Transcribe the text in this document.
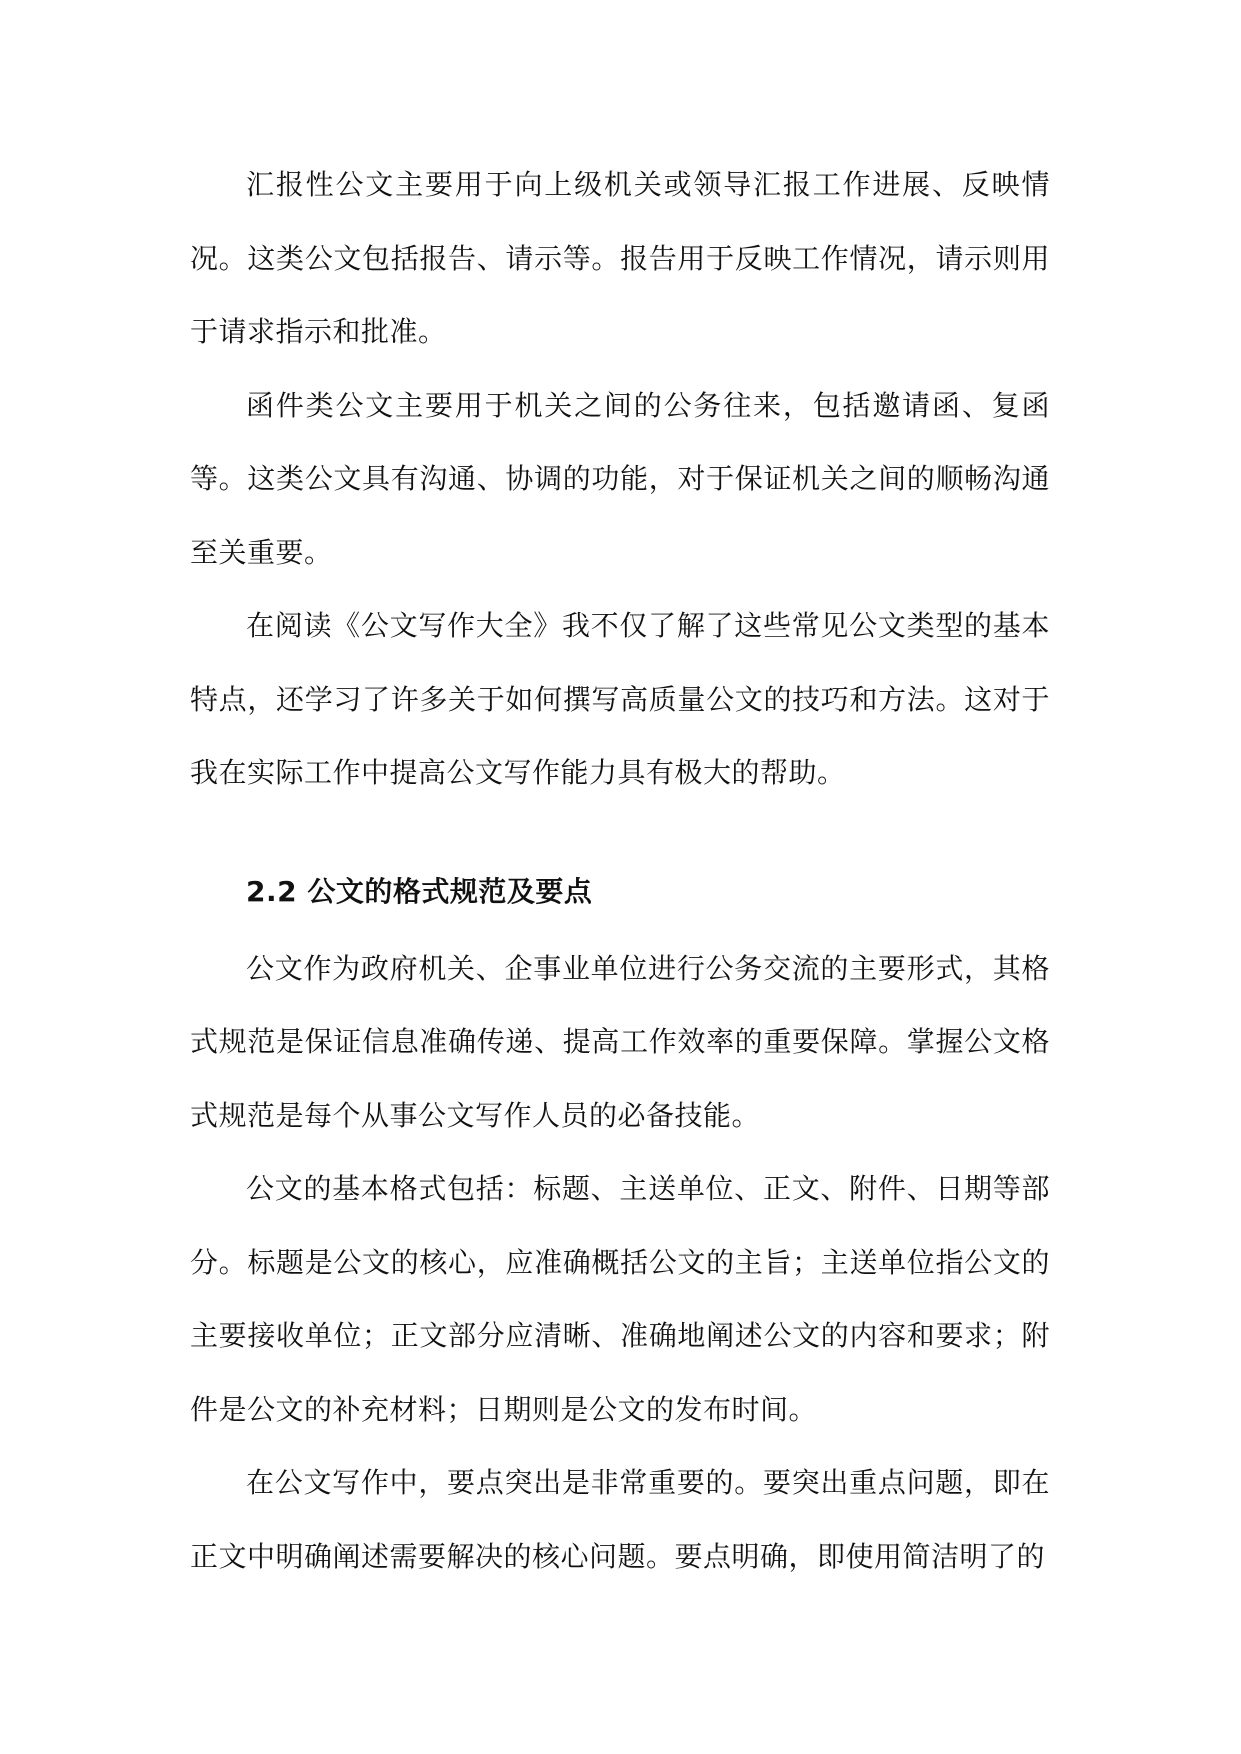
汇报性公文主要用于向上级机关或领导汇报工作进展、反映情况。这类公文包括报告、请示等。报告用于反映工作情况，请示则用于请求指示和批准。

函件类公文主要用于机关之间的公务往来，包括邀请函、复函等。这类公文具有沟通、协调的功能，对于保证机关之间的顺畅沟通至关重要。

在阅读《公文写作大全》我不仅了解了这些常见公文类型的基本特点，还学习了许多关于如何撰写高质量公文的技巧和方法。这对于我在实际工作中提高公文写作能力具有极大的帮助。

2.2 公文的格式规范及要点

公文作为政府机关、企事业单位进行公务交流的主要形式，其格式规范是保证信息准确传递、提高工作效率的重要保障。掌握公文格式规范是每个从事公文写作人员的必备技能。

公文的基本格式包括：标题、主送单位、正文、附件、日期等部分。标题是公文的核心，应准确概括公文的主旨；主送单位指公文的主要接收单位；正文部分应清晰、准确地阐述公文的内容和要求；附件是公文的补充材料；日期则是公文的发布时间。

在公文写作中，要点突出是非常重要的。要突出重点问题，即在正文中明确阐述需要解决的核心问题。要点明确，即使用简洁明了的
